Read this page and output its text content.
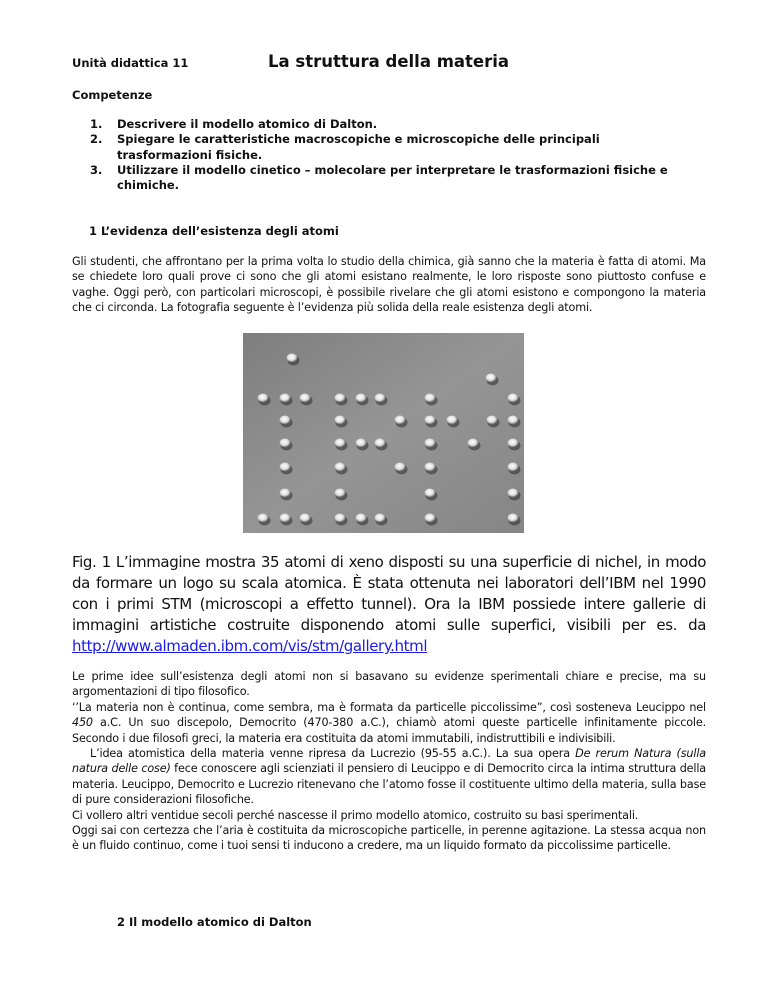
Unità didattica 11	La struttura della materia
Competenze
1. Descrivere il modello atomico di Dalton.
2. Spiegare le caratteristiche macroscopiche e microscopiche delle principali trasformazioni fisiche.
3. Utilizzare il modello cinetico – molecolare per interpretare le trasformazioni fisiche e chimiche.
1 L’evidenza dell’esistenza degli atomi
Gli studenti, che affrontano per la prima volta lo studio della chimica, già sanno che la materia è fatta di atomi. Ma se chiedete loro quali prove ci sono che gli atomi esistano realmente, le loro risposte sono piuttosto confuse e vaghe. Oggi però, con particolari microscopi, è possibile rivelare che gli atomi esistono e compongono la materia che ci circonda. La fotografia seguente è l’evidenza più solida della reale esistenza degli atomi.
Fig. 1 L’immagine mostra 35 atomi di xeno disposti su una superficie di nichel, in modo da formare un logo su scala atomica. È stata ottenuta nei laboratori dell’IBM nel 1990 con i primi STM (microscopi a effetto tunnel). Ora la IBM possiede intere gallerie di immagini artistiche costruite disponendo atomi sulle superfici, visibili per es. da http://www.almaden.ibm.com/vis/stm/gallery.html

Le prime idee sull’esistenza degli atomi non si basavano su evidenze sperimentali chiare e precise, ma su argomentazioni di tipo filosofico.

‘’La materia non è continua, come sembra, ma è formata da particelle piccolissime”, così sosteneva Leucippo nel 450 a.C. Un suo discepolo, Democrito (470-380 a.C.), chiamò atomi queste particelle infinitamente piccole. Secondo i due filosofi greci, la materia era costituita da atomi immutabili, indistruttibili e indivisibili.

L’idea atomistica della materia venne ripresa da Lucrezio (95-55 a.C.). La sua opera De rerum Natura (sulla natura delle cose) fece conoscere agli scienziati il pensiero di Leucippo e di Democrito circa la intima struttura della materia. Leucippo, Democrito e Lucrezio ritenevano che l’atomo fosse il costituente ultimo della materia, sulla base di pure considerazioni filosofiche.

Ci vollero altri ventidue secoli perché nascesse il primo modello atomico, costruito su basi sperimentali.

Oggi sai con certezza che l’aria è costituita da microscopiche particelle, in perenne agitazione. La stessa acqua non è un fluido continuo, come i tuoi sensi ti inducono a credere, ma un liquido formato da piccolissime particelle.

2 Il modello atomico di Dalton
